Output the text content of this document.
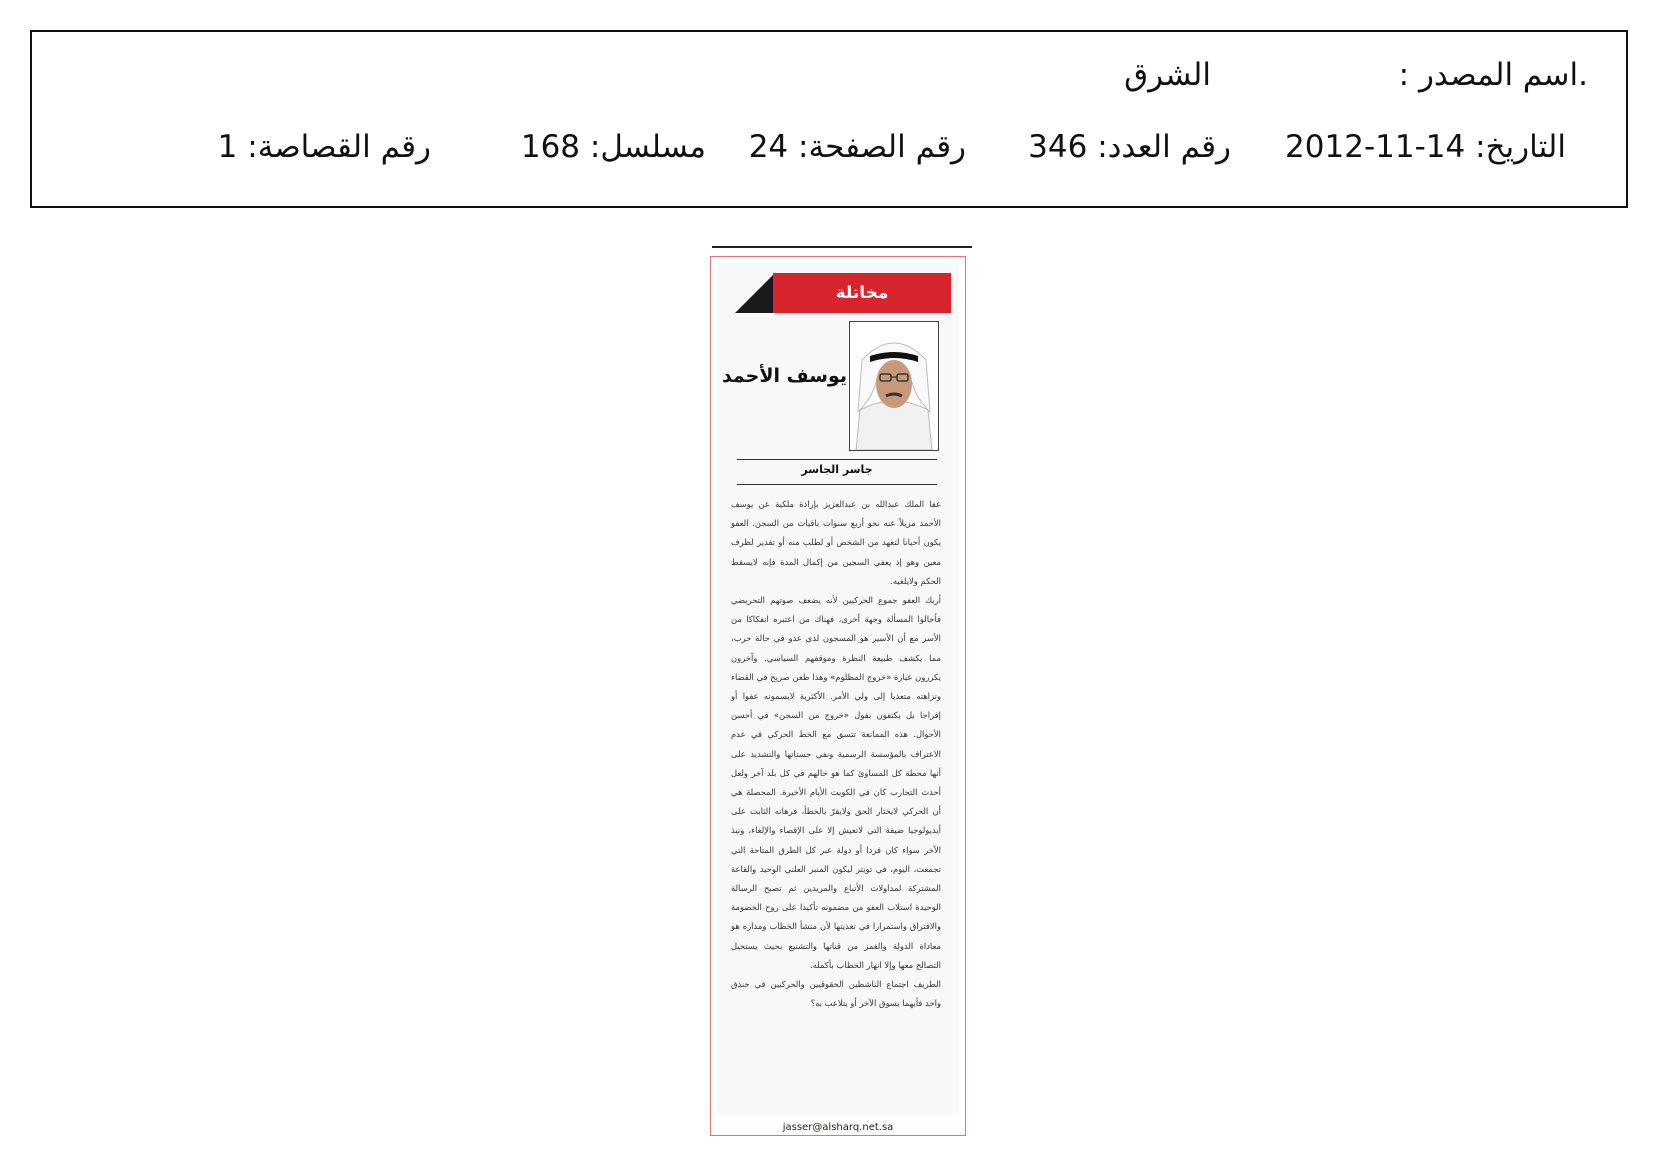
.اسم المصدر :
الشرق
التاريخ: 2012-11-14
رقم العدد: 346
رقم الصفحة: 24
مسلسل: 168
رقم القصاصة: 1
مخاتلة
يوسف الأحمد
جاسر الجاسر

عفا الملك عبدالله بن عبدالعزيز بإرادة ملكية عن يوسف الأحمد مزيلاً عنه نحو أربع سنوات باقيات من السجن. العفو يكون أحيانا لتعهد من الشخص أو لطلب منه أو تقدير لظرف معين وهو إذ يعفي السجين من إكمال المدة فإنه لايسقط الحكم ولايلغيه.

أربك العفو جموع الحركيين لأنه يضعف صوتهم التحريضي فأحالوا المسألة وجهة أخرى، فهناك من اعتبره انفكاكا من الأسر مع أن الأسير هو المسجون لدى عدو في حالة حرب، مما يكشف طبيعة النظرة وموقفهم السياسي. وآخرون يكررون عبارة «خروج المظلوم» وهذا طعن صريح في القضاء ونزاهته متعديا إلى ولي الأمر. الأكثرية لايسمونه عفوا أو إفراجا بل يكتفون بقول «خروج من السجن» في أحسن الأحوال. هذه الممانعة تتسق مع الخط الحركي في عدم الاعتراف بالمؤسسة الرسمية ونفي حسناتها والتشديد على أنها محطة كل المساوئ كما هو حالهم في كل بلد آخر ولعل أحدث التجارب كان في الكويت الأيام الأخيرة. المحصلة هي أن الحركي لايختار الحق ولايقرّ بالخطأ، فرهانه الثابت على أيديولوجيا ضيقة التي لاتعيش إلا على الإقصاء والإلغاء، ونبذ الآخر سواء كان فردا أو دولة عبر كل الطرق المتاحة التي تجمعت، اليوم، في تويتر ليكون المنبر العلني الوحيد والقاعة المشتركة لمداولات الأتباع والمريدين ثم تصبح الرسالة الوحيدة استلاب العفو من مضمونه تأكيدا على روح الخصومة والافتراق واستمرارا في تغذيتها لأن منشأ الخطاب ومداره هو معاداة الدولة والغمز من قناتها والتشنيع بحيث يستحيل التصالح معها وإلا انهار الخطاب بأكمله.

الطريف اجتماع الناشطين الحقوقيين والحركيين في خندق واحد فأيهما يسوق الآخر أو يتلاعب به؟

jasser@alsharq.net.sa
